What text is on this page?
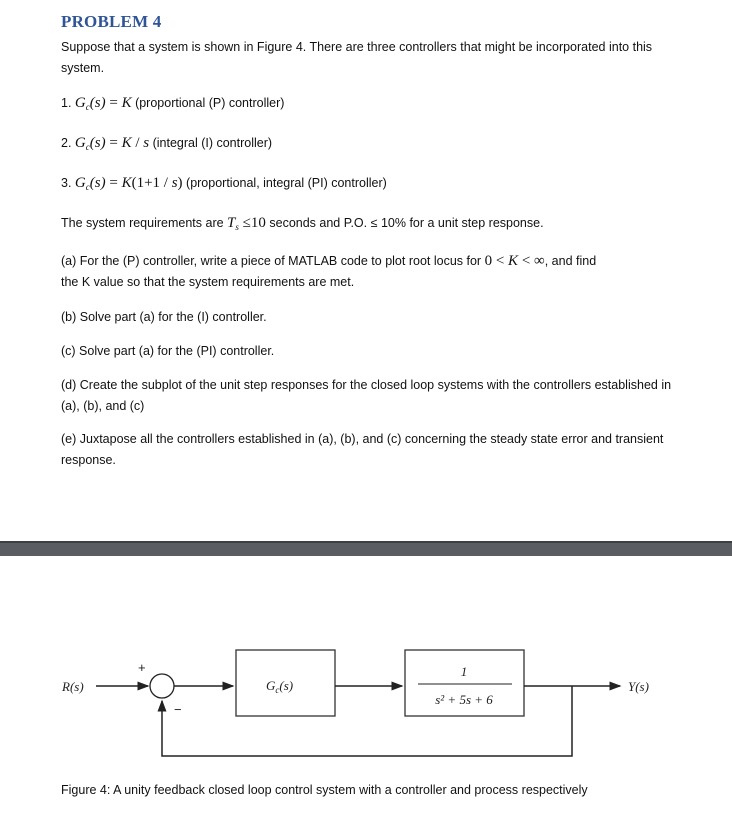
PROBLEM 4
Suppose that a system is shown in Figure 4. There are three controllers that might be incorporated into this system.
1. $G_c(s) = K$ (proportional (P) controller)
2. $G_c(s) = K / s$ (integral (I) controller)
3. $G_c(s) = K(1+1 / s)$ (proportional, integral (PI) controller)
The system requirements are $T_s \le 10$ seconds and P.O. ≤ 10% for a unit step response.
(a) For the (P) controller, write a piece of MATLAB code to plot root locus for 0 < K < ∞, and find
the K value so that the system requirements are met.
(b) Solve part (a) for the (I) controller.
(c) Solve part (a) for the (PI) controller.
(d) Create the subplot of the unit step responses for the closed loop systems with the controllers established in (a), (b), and (c)
(e) Juxtapose all the controllers established in (a), (b), and (c) concerning the steady state error and transient response.
R(s)
+
−
$G_c(s)$
1
s² + 5s + 6
Y(s)
Figure 4: A unity feedback closed loop control system with a controller and process respectively
